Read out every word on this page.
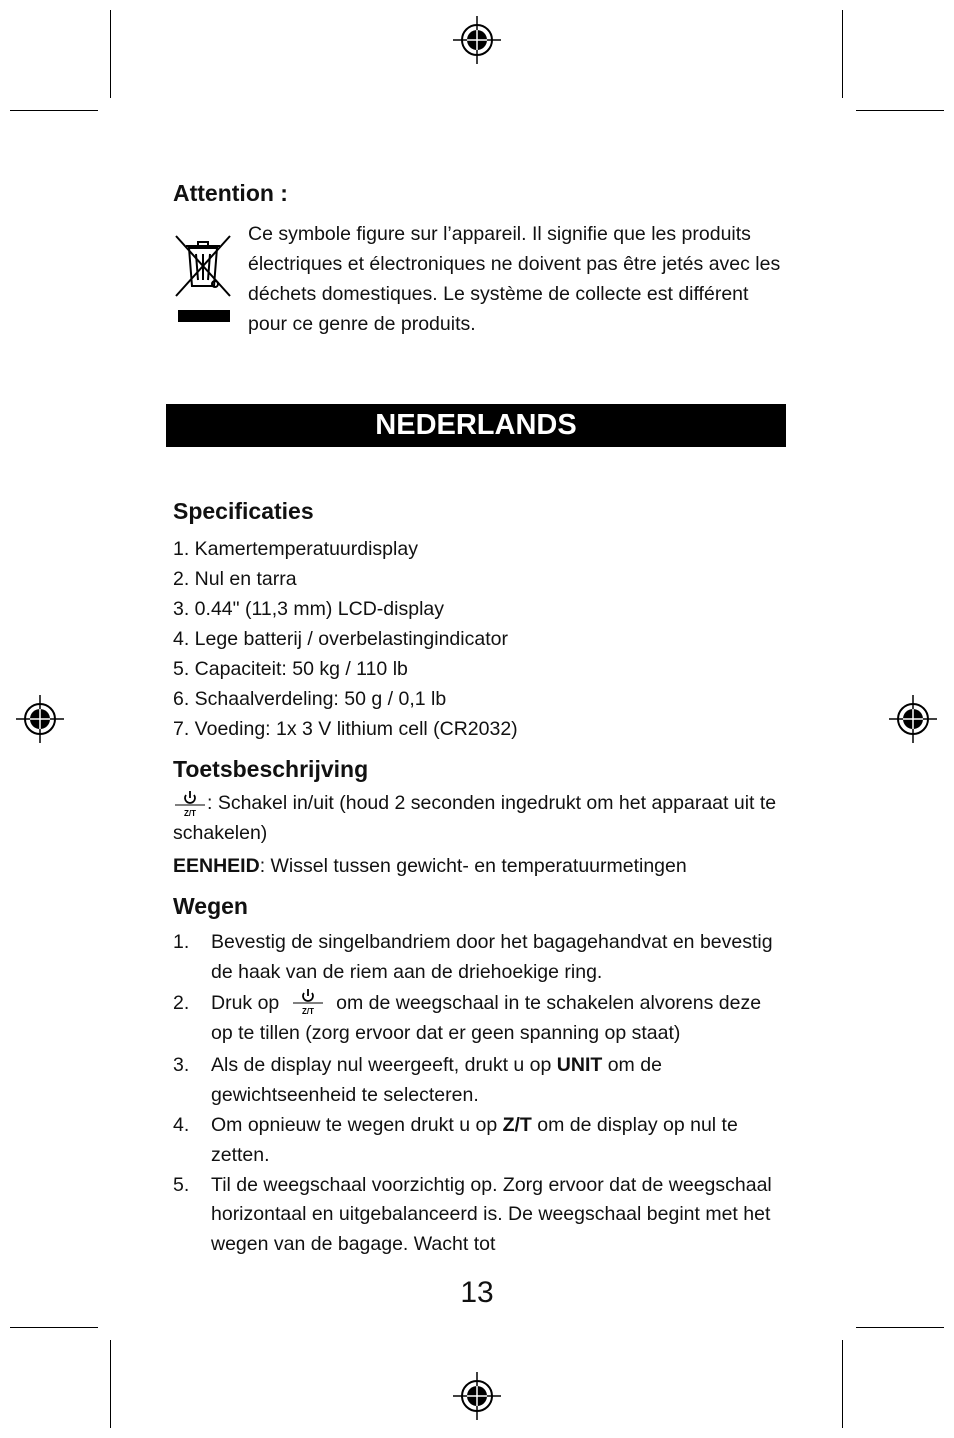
Attention :
Ce symbole figure sur l’appareil. Il signifie que les produits électriques et électroniques ne doivent pas être jetés avec les déchets domestiques. Le système de collecte est différent pour ce genre de produits.
NEDERLANDS
Specificaties
1. Kamertemperatuurdisplay
2. Nul en tarra
3. 0.44" (11,3 mm) LCD-display
4. Lege batterij / overbelastingindicator
5. Capaciteit: 50 kg / 110 lb
6. Schaalverdeling: 50 g / 0,1 lb
7. Voeding: 1x 3 V lithium cell (CR2032)
Toetsbeschrijving
Z/T : Schakel in/uit (houd 2 seconden ingedrukt om het apparaat uit te schakelen)
EENHEID: Wissel tussen gewicht- en temperatuurmetingen
Wegen
1. Bevestig de singelbandriem door het bagagehandvat en bevestig de haak van de riem aan de driehoekige ring.
2. Druk op	Z/T om de weegschaal in te schakelen alvorens deze op te tillen (zorg ervoor dat er geen spanning op staat)
3. Als de display nul weergeeft, drukt u op UNIT om de gewichtseenheid te selecteren.
4. Om opnieuw te wegen drukt u op Z/T om de display op nul te zetten.
5. Til de weegschaal voorzichtig op. Zorg ervoor dat de weegschaal horizontaal en uitgebalanceerd is. De weegschaal begint met het wegen van de bagage. Wacht tot
13
